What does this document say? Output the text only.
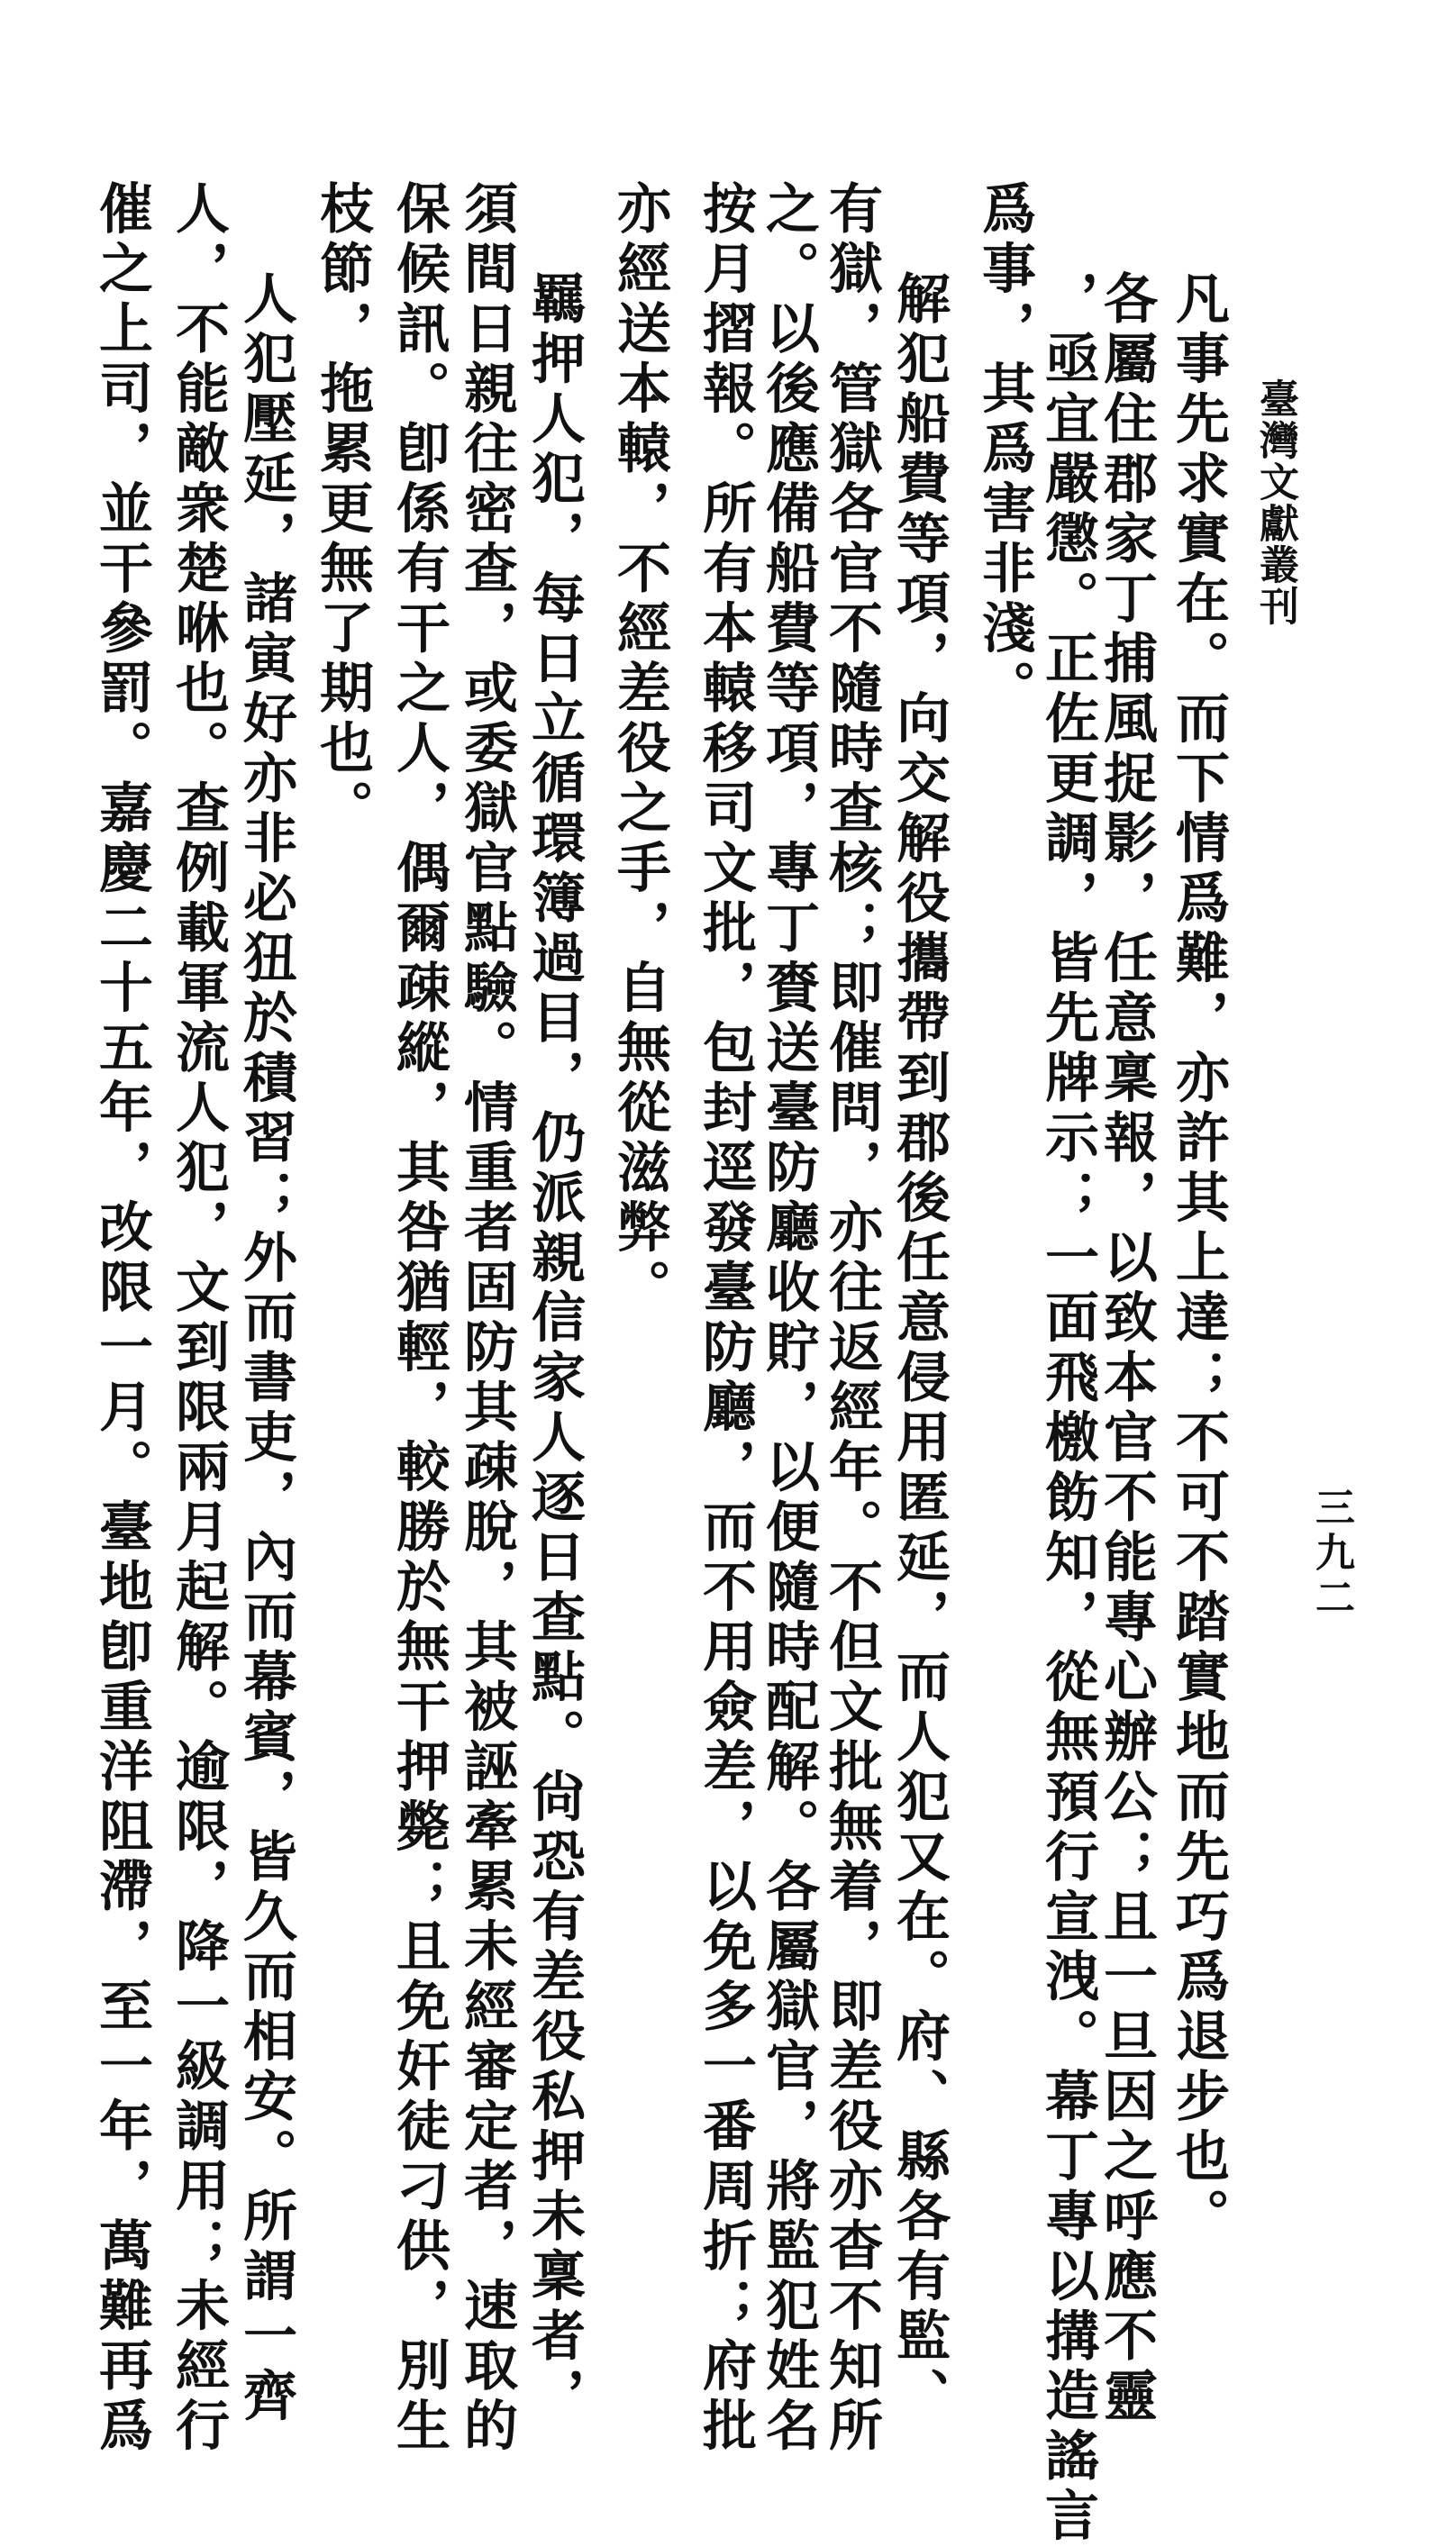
臺灣文獻叢刊
三九二
凡事先求實在。而下情爲難，亦許其上達；不可不踏實地而先巧爲退步也。
各屬住郡家丁捕風捉影，任意稟報，以致本官不能專心辦公；且一旦因之呼應不靈
，亟宜嚴懲。正佐更調，皆先牌示；一面飛檄飭知，從無預行宣洩。幕丁專以搆造謠言
爲事，其爲害非淺。
解犯船費等項，向交解役攜帶到郡後任意侵用匿延，而人犯又在。府、縣各有監、
有獄，管獄各官不隨時查核；即催問，亦往返經年。不但文批無着，即差役亦杳不知所
之。以後應備船費等項，專丁賚送臺防廳收貯，以便隨時配解。各屬獄官，將監犯姓名
按月摺報。所有本轅移司文批，包封逕發臺防廳，而不用僉差，以免多一番周折；府批
亦經送本轅，不經差役之手，自無從滋弊。
羈押人犯，每日立循環簿過目，仍派親信家人逐日查點。尙恐有差役私押未稟者，
須間日親往密查，或委獄官點驗。情重者固防其疎脫，其被誣牽累未經審定者，速取的
保候訊。卽係有干之人，偶爾疎縱，其咎猶輕，較勝於無干押斃；且免奸徒刁供，別生
枝節，拖累更無了期也。
人犯壓延，諸寅好亦非必狃於積習；外而書吏，內而幕賓，皆久而相安。所謂一齊
人，不能敵衆楚咻也。查例載軍流人犯，文到限兩月起解。逾限，降一級調用；未經行
催之上司，並干參罰。嘉慶二十五年，改限一月。臺地卽重洋阻滯，至一年，萬難再爲
